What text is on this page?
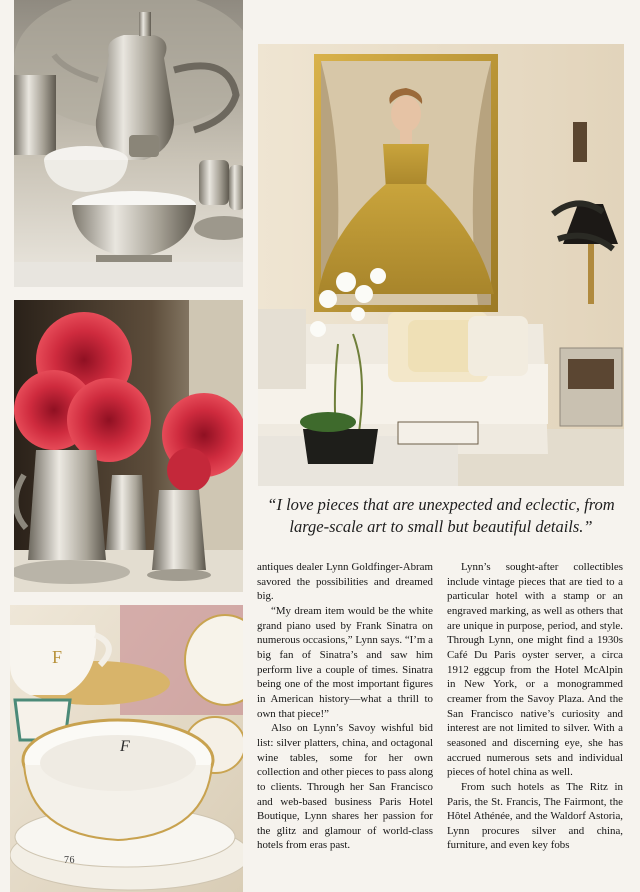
F
F
76
“I love pieces that are unexpected and eclectic, from large-scale art to small but beautiful details.”

antiques dealer Lynn Goldfinger-Abram savored the possibilities and dreamed big.

“My dream item would be the white grand piano used by Frank Sinatra on numerous occasions,” Lynn says. “I’m a big fan of Sinatra’s and saw him perform live a couple of times. Sinatra being one of the most important figures in American history—what a thrill to own that piece!”

Also on Lynn’s Savoy wishful bid list: silver platters, china, and octagonal wine tables, some for her own collection and other pieces to pass along to clients. Through her San Francisco and web-based business Paris Hotel Boutique, Lynn shares her passion for the glitz and glamour of world-class hotels from eras past.

Lynn’s sought-after collectibles include vintage pieces that are tied to a particular hotel with a stamp or an engraved marking, as well as others that are unique in purpose, period, and style. Through Lynn, one might find a 1930s Café Du Paris oyster server, a circa 1912 eggcup from the Hotel McAlpin in New York, or a monogrammed creamer from the Savoy Plaza. And the San Francisco native’s curiosity and interest are not limited to silver. With a seasoned and discerning eye, she has accrued numerous sets and individual pieces of hotel china as well.

From such hotels as The Ritz in Paris, the St. Francis, The Fairmont, the Hôtel Athénée, and the Waldorf Astoria, Lynn procures silver and china, furniture, and even key fobs
